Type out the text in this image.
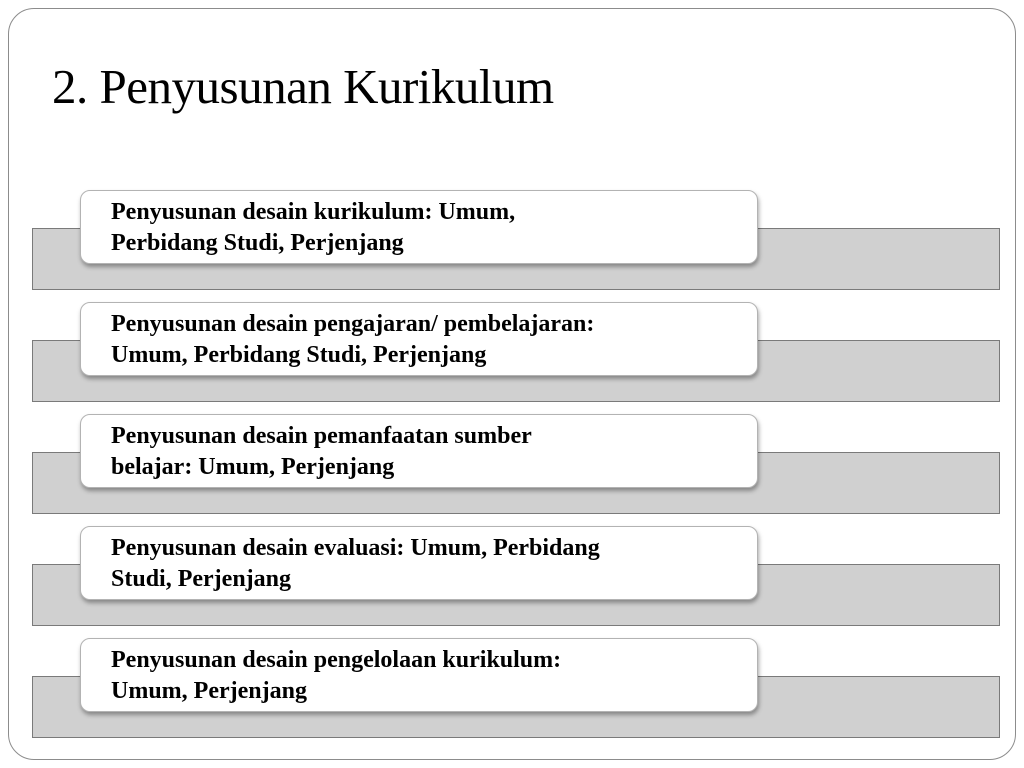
2. Penyusunan Kurikulum
Penyusunan desain kurikulum: Umum,
Perbidang Studi, Perjenjang
Penyusunan desain pengajaran/ pembelajaran:
Umum, Perbidang Studi, Perjenjang
Penyusunan desain pemanfaatan sumber
belajar: Umum, Perjenjang
Penyusunan desain evaluasi: Umum, Perbidang
Studi, Perjenjang
Penyusunan desain pengelolaan kurikulum:
Umum, Perjenjang
